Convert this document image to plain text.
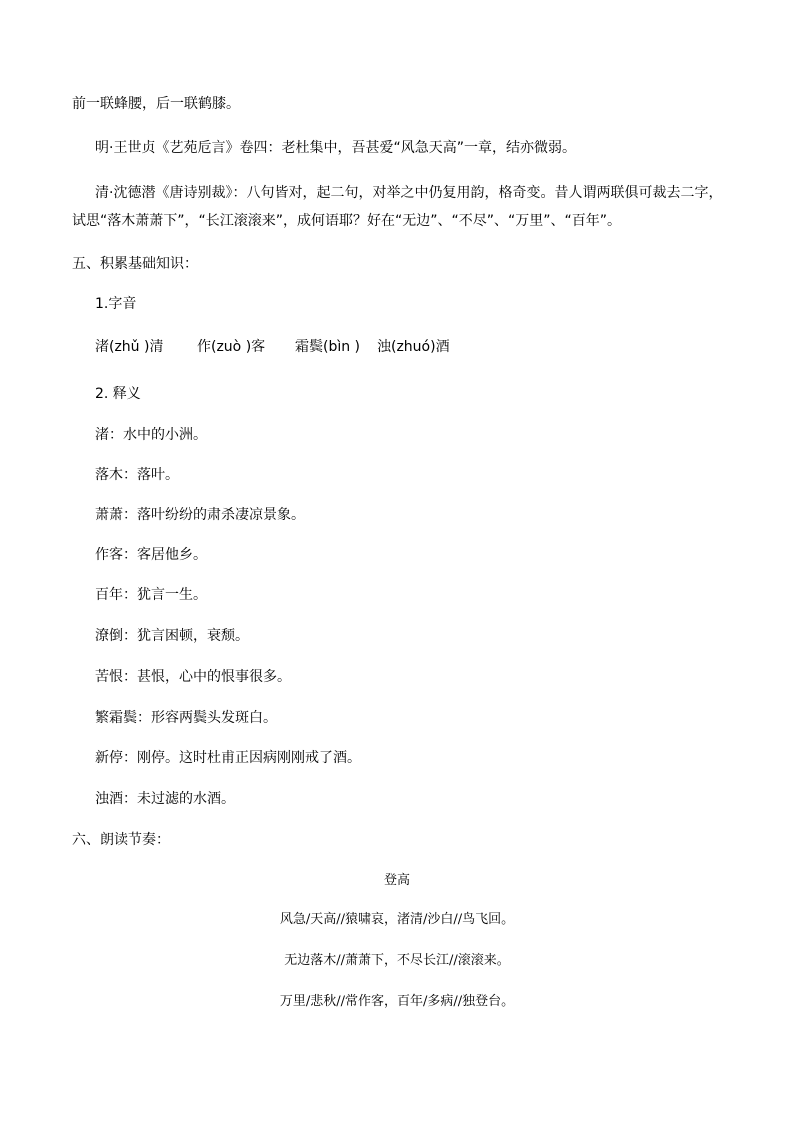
前一联蜂腰，后一联鹤膝。
明·王世贞《艺苑卮言》卷四：老杜集中，吾甚爱“风急天高”一章，结亦微弱。
清·沈德潜《唐诗别裁》：八句皆对，起二句，对举之中仍复用韵，格奇变。昔人谓两联俱可裁去二字，
试思“落木萧萧下”，“长江滚滚来”，成何语耶？好在“无边”、“不尽”、“万里”、“百年”。
五、积累基础知识：
1.字音
渚(zhǔ )清 作(zuò )客 霜鬓(bìn ) 浊(zhuó)酒
2. 释义
渚：水中的小洲。
落木：落叶。
萧萧：落叶纷纷的肃杀凄凉景象。
作客：客居他乡。
百年：犹言一生。
潦倒：犹言困顿，衰颓。
苦恨：甚恨，心中的恨事很多。
繁霜鬓：形容两鬓头发斑白。
新停：刚停。这时杜甫正因病刚刚戒了酒。
浊酒：未过滤的水酒。
六、朗读节奏：
登高
风急/天高//猿啸哀，渚清/沙白//鸟飞回。
无边落木//萧萧下，不尽长江//滚滚来。
万里/悲秋//常作客，百年/多病//独登台。
